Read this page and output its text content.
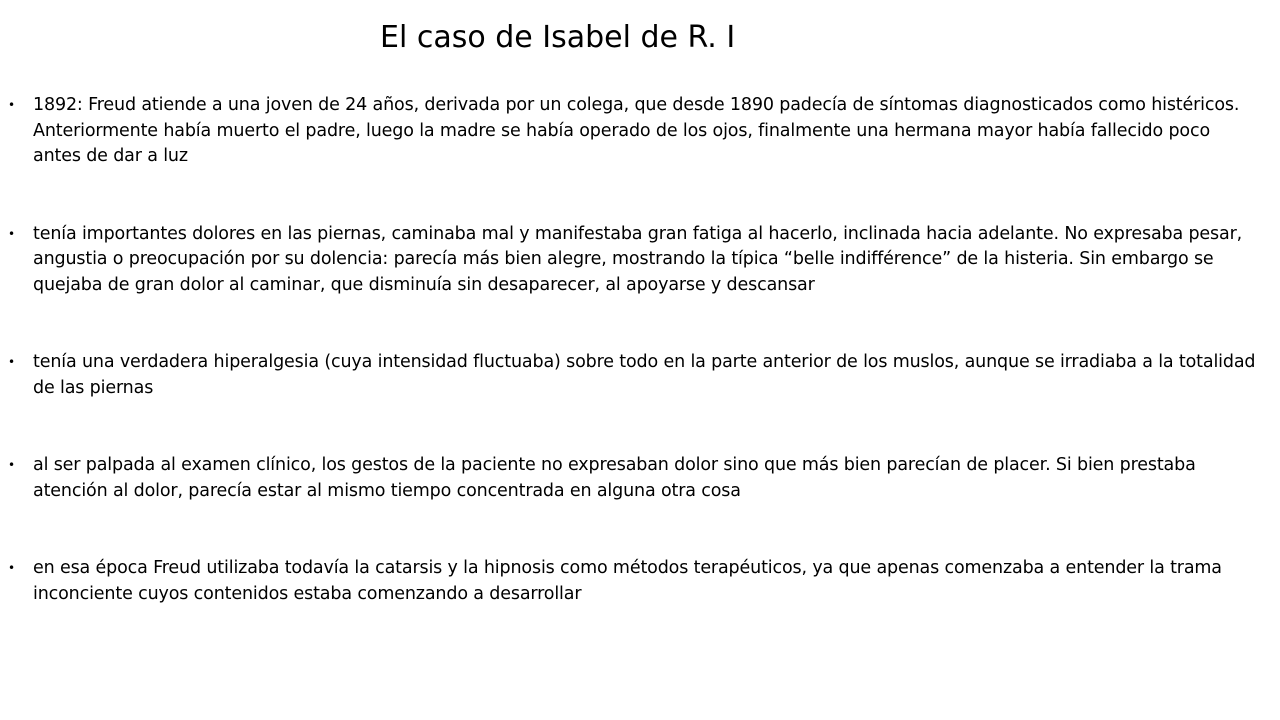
El caso de Isabel de R. I
•	1892: Freud atiende a una joven de 24 años, derivada por un colega, que desde 1890 padecía de síntomas diagnosticados como histéricos. Anteriormente había muerto el padre, luego la madre se había operado de los ojos, finalmente una hermana mayor había fallecido poco antes de dar a luz
•	tenía importantes dolores en las piernas, caminaba mal y manifestaba gran fatiga al hacerlo, inclinada hacia adelante. No expresaba pesar, angustia o preocupación por su dolencia: parecía más bien alegre, mostrando la típica “belle indifférence” de la histeria. Sin embargo se quejaba de gran dolor al caminar, que disminuía sin desaparecer, al apoyarse y descansar
•	tenía una verdadera hiperalgesia (cuya intensidad fluctuaba) sobre todo en la parte anterior de los muslos, aunque se irradiaba a la totalidad de las piernas
•	al ser palpada al examen clínico, los gestos de la paciente no expresaban dolor sino que más bien parecían de placer. Si bien prestaba atención al dolor, parecía estar al mismo tiempo concentrada en alguna otra cosa
•	en esa época Freud utilizaba todavía la catarsis y la hipnosis como métodos terapéuticos, ya que apenas comenzaba a entender la trama inconciente cuyos contenidos estaba comenzando a desarrollar
